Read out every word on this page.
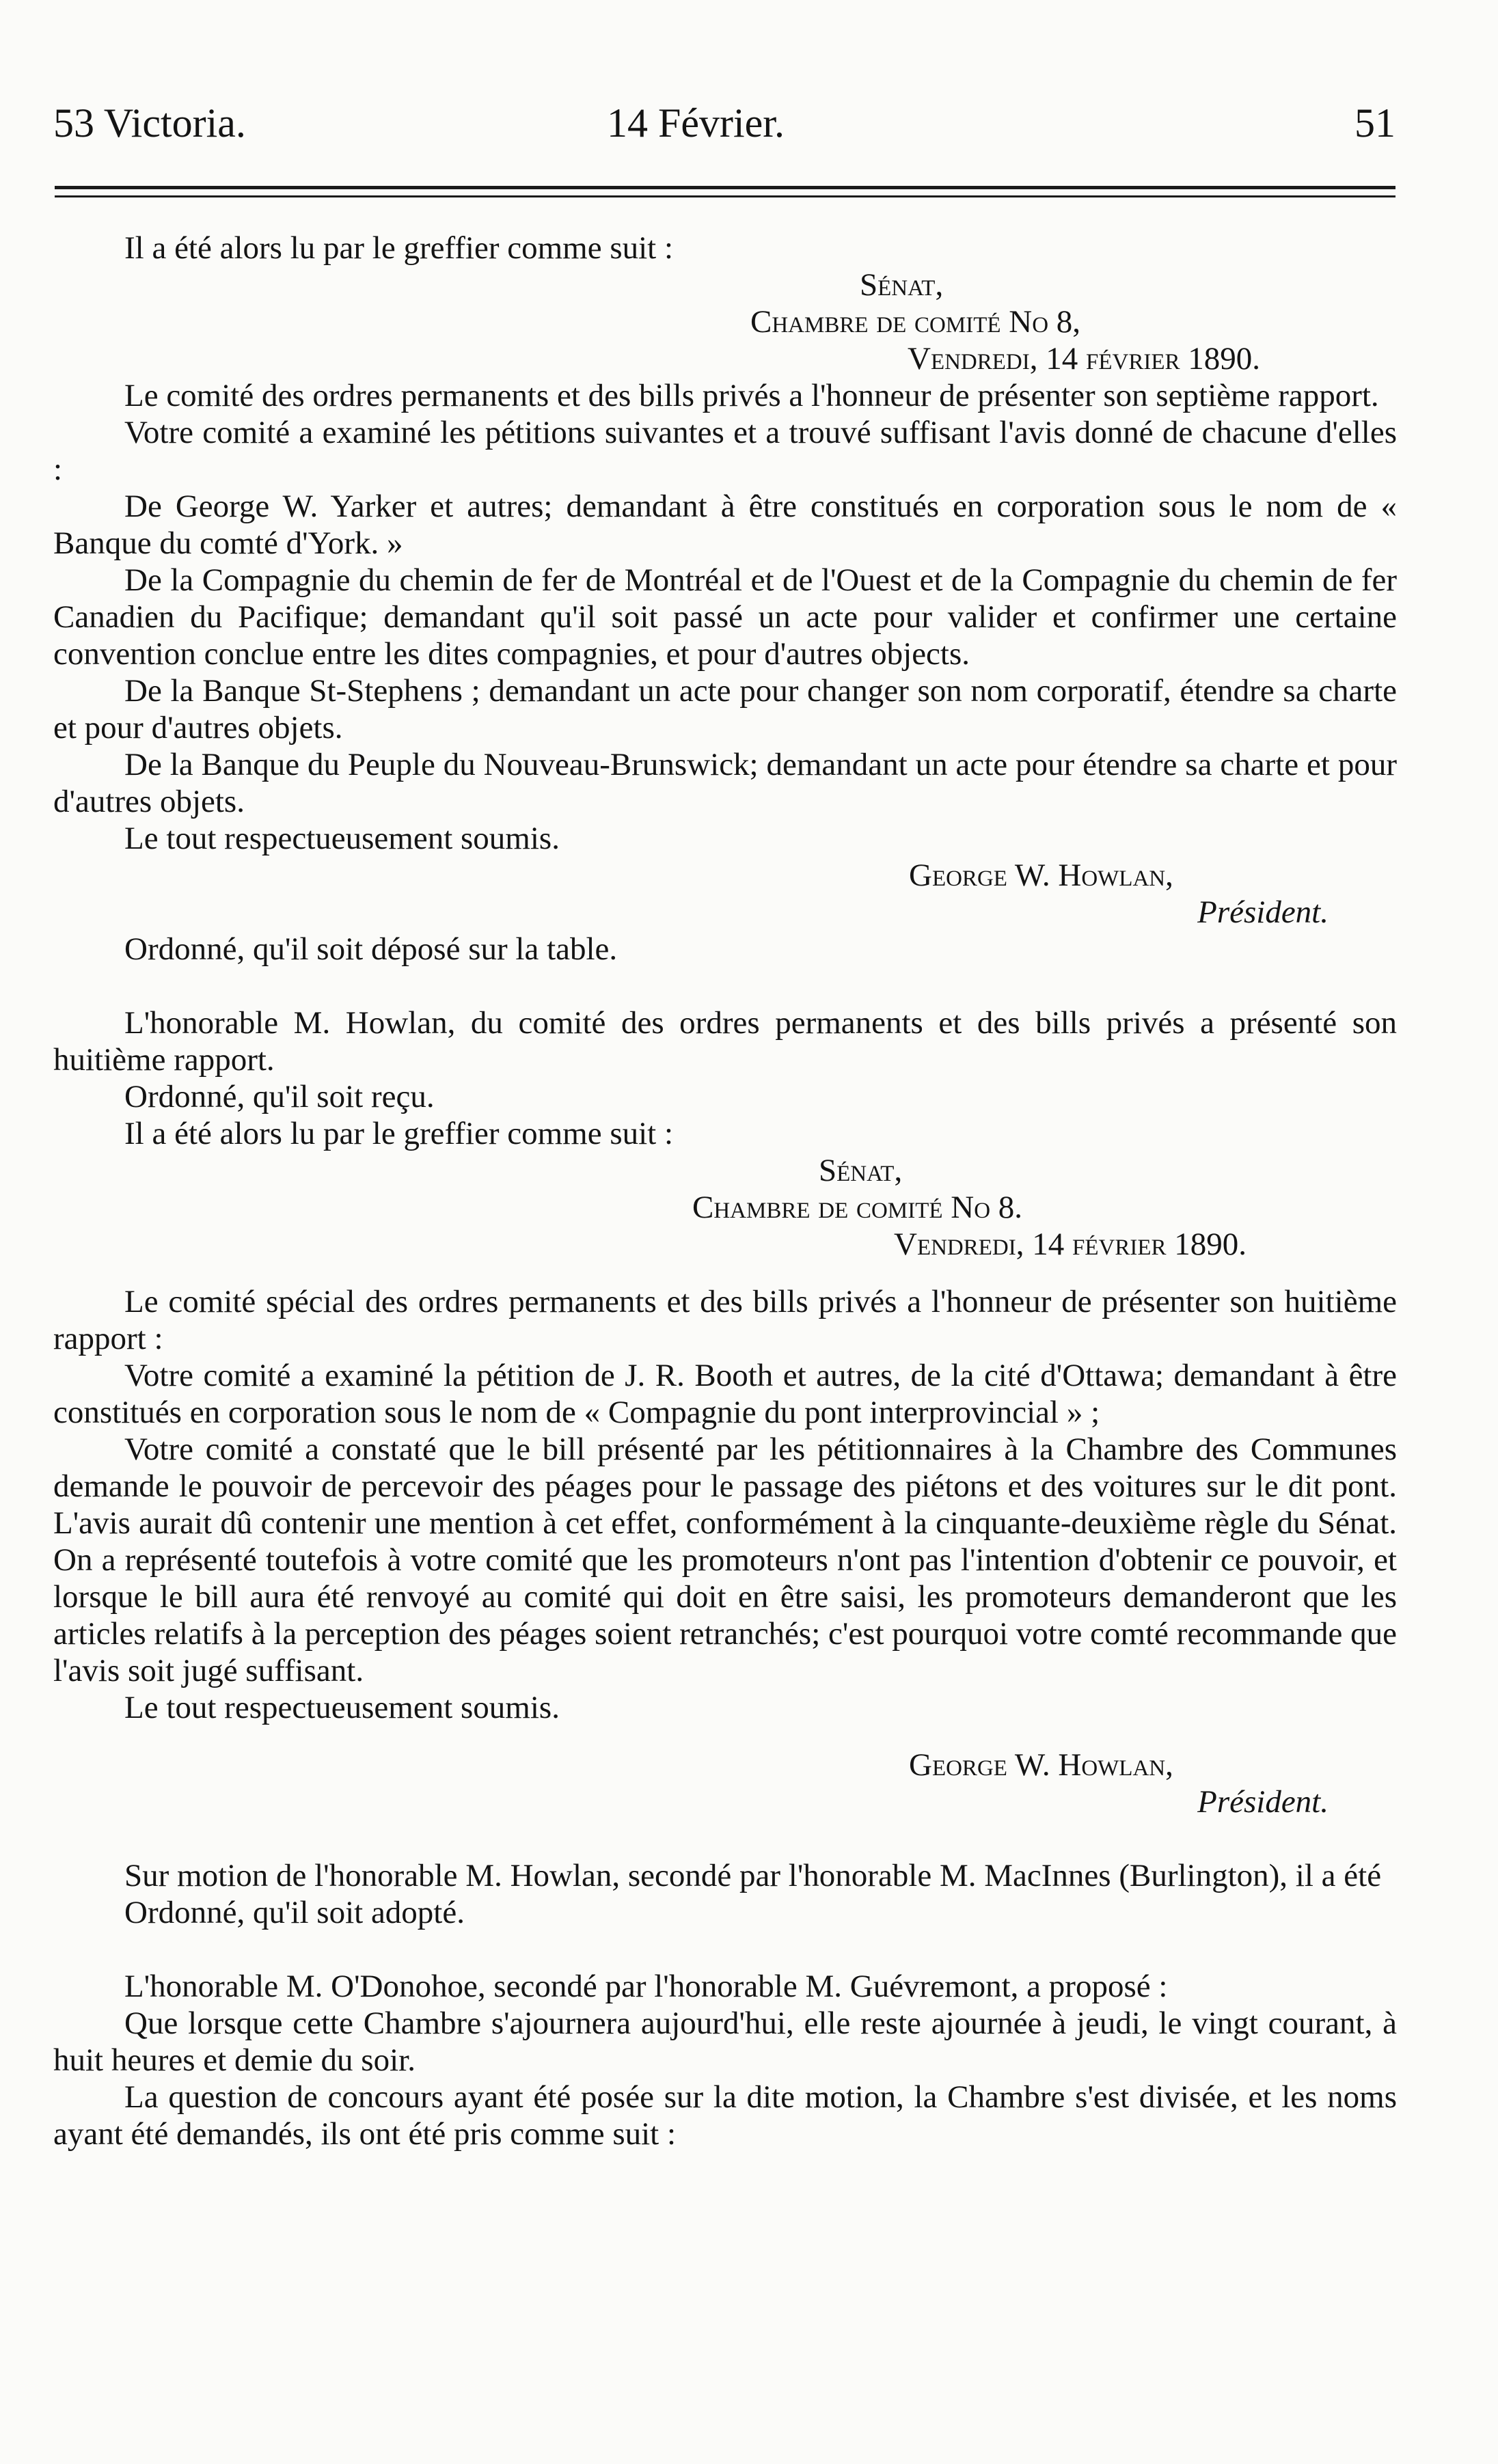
53 Victoria.	14 Février.	51

Il a été alors lu par le greffier comme suit :

Sénat,

Chambre de comité No 8,

Vendredi, 14 février 1890.

Le comité des ordres permanents et des bills privés a l'honneur de présenter son septième rapport.

Votre comité a examiné les pétitions suivantes et a trouvé suffisant l'avis donné de chacune d'elles :

De George W. Yarker et autres; demandant à être constitués en corporation sous le nom de « Banque du comté d'York. »

De la Compagnie du chemin de fer de Montréal et de l'Ouest et de la Compagnie du chemin de fer Canadien du Pacifique; demandant qu'il soit passé un acte pour valider et confirmer une certaine convention conclue entre les dites compagnies, et pour d'autres objects.

De la Banque St-Stephens ; demandant un acte pour changer son nom corporatif, étendre sa charte et pour d'autres objets.

De la Banque du Peuple du Nouveau-Brunswick; demandant un acte pour étendre sa charte et pour d'autres objets.

Le tout respectueusement soumis.

George W. Howlan,

Président.

Ordonné, qu'il soit déposé sur la table.

L'honorable M. Howlan, du comité des ordres permanents et des bills privés a présenté son huitième rapport.

Ordonné, qu'il soit reçu.

Il a été alors lu par le greffier comme suit :

Sénat,

Chambre de comité No 8.

Vendredi, 14 février 1890.

Le comité spécial des ordres permanents et des bills privés a l'honneur de présenter son huitième rapport :

Votre comité a examiné la pétition de J. R. Booth et autres, de la cité d'Ottawa; demandant à être constitués en corporation sous le nom de « Compagnie du pont interprovincial » ;

Votre comité a constaté que le bill présenté par les pétitionnaires à la Chambre des Communes demande le pouvoir de percevoir des péages pour le passage des piétons et des voitures sur le dit pont. L'avis aurait dû contenir une mention à cet effet, conformément à la cinquante-deuxième règle du Sénat. On a représenté toutefois à votre comité que les promoteurs n'ont pas l'intention d'obtenir ce pouvoir, et lorsque le bill aura été renvoyé au comité qui doit en être saisi, les promoteurs demanderont que les articles relatifs à la perception des péages soient retranchés; c'est pourquoi votre comté recommande que l'avis soit jugé suffisant.

Le tout respectueusement soumis.

George W. Howlan,

Président.

Sur motion de l'honorable M. Howlan, secondé par l'honorable M. MacInnes (Burlington), il a été

Ordonné, qu'il soit adopté.

L'honorable M. O'Donohoe, secondé par l'honorable M. Guévremont, a proposé :

Que lorsque cette Chambre s'ajournera aujourd'hui, elle reste ajournée à jeudi, le vingt courant, à huit heures et demie du soir.

La question de concours ayant été posée sur la dite motion, la Chambre s'est divisée, et les noms ayant été demandés, ils ont été pris comme suit :
